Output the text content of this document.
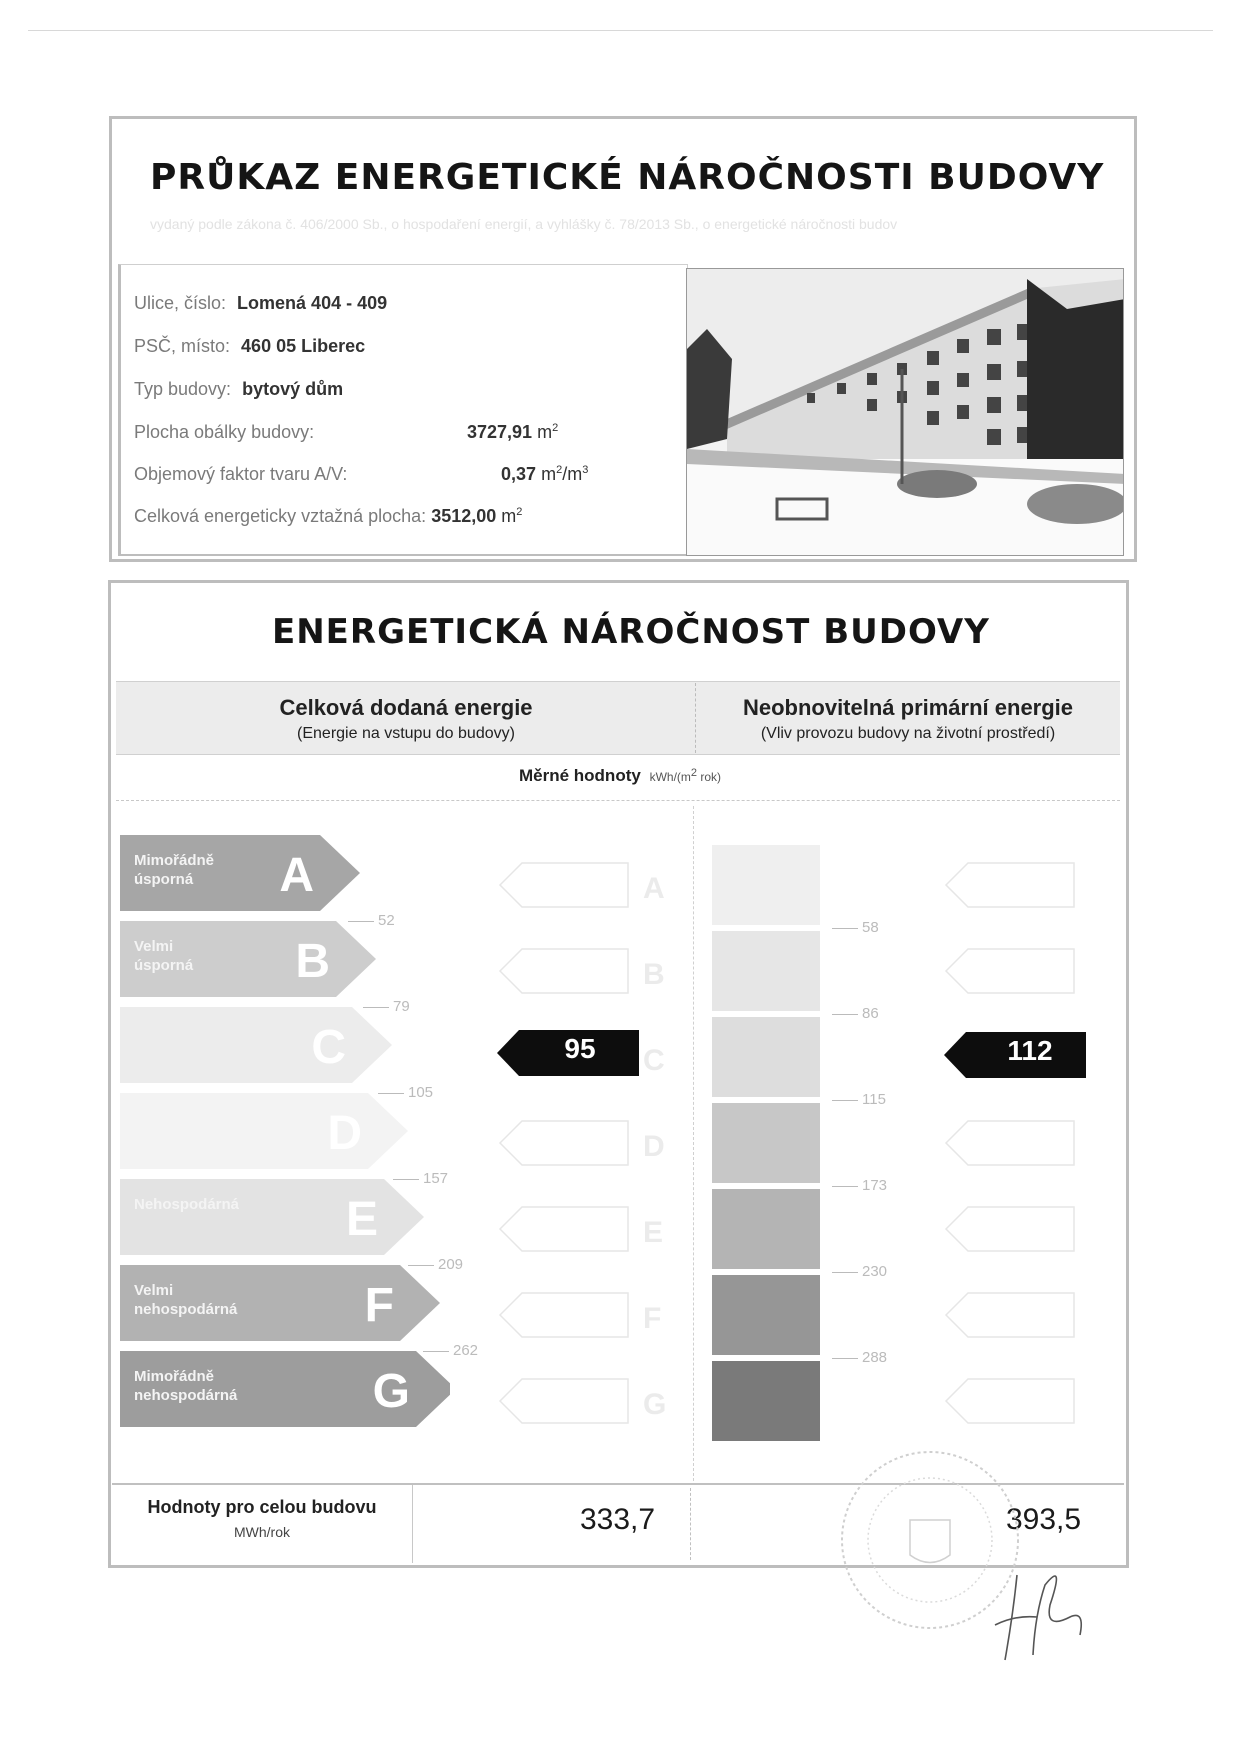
PRŮKAZ ENERGETICKÉ NÁROČNOSTI BUDOVY
vydaný podle zákona č. 406/2000 Sb., o hospodaření energií, a vyhlášky č. 78/2013 Sb., o energetické náročnosti budov
Ulice, číslo: Lomená 404 - 409
PSČ, místo: 460 05 Liberec
Typ budovy: bytový dům
Plocha obálky budovy:	3727,91 $m^2$
Objemový faktor tvaru A/V:	0,37 $m^2/m^3$
Celková energeticky vztažná plocha: 3512,00 $m^2$
ENERGETICKÁ NÁROČNOST BUDOVY
Celková dodaná energie
(Energie na vstupu do budovy)
Neobnovitelná primární energie
(Vliv provozu budovy na životní prostředí)
Měrné hodnoty kWh/($m^2$ rok)
A
Mimořádně
úsporná
B
Velmi
úsporná
C
D
E
Nehospodárná
F
Velmi
nehospodárná
G
Mimořádně
nehospodárná
52
79
105
157
209
262
A
B
C
D
E
F
G
58
86
115
173
230
288
95	112
Hodnoty pro celou budovu
MWh/rok	333,7	393,5
